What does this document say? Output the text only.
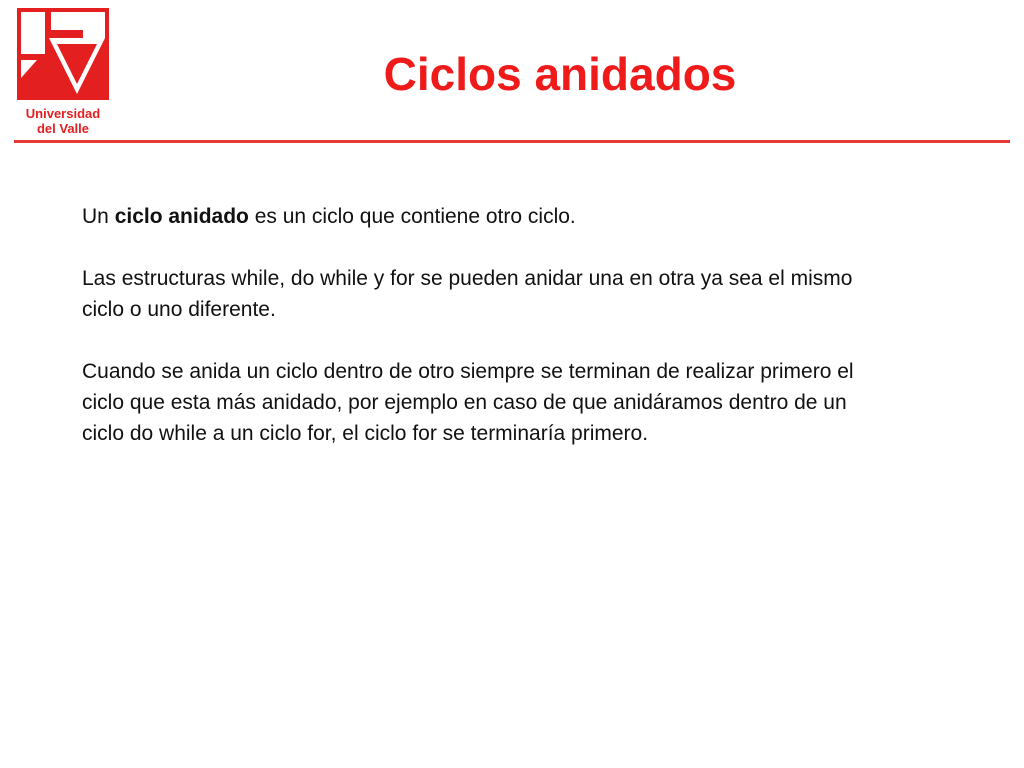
Universidad
del Valle
Ciclos anidados

Un ciclo anidado es un ciclo que contiene otro ciclo.

Las estructuras while, do while y for se pueden anidar una en otra ya sea el mismo ciclo o uno diferente.

Cuando se anida un ciclo dentro de otro siempre se terminan de realizar primero el ciclo que esta más anidado, por ejemplo en caso de que anidáramos dentro de un ciclo do while a un ciclo for, el ciclo for se terminaría primero.
